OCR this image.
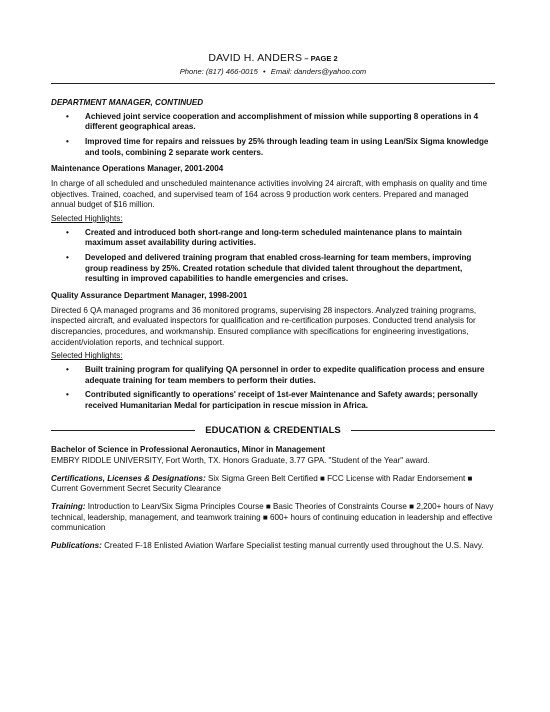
DAVID H. ANDERS – PAGE 2
Phone: (817) 466-0015 • Email: danders@yahoo.com
DEPARTMENT MANAGER, CONTINUED
• Achieved joint service cooperation and accomplishment of mission while supporting 8 operations in 4 different geographical areas.
• Improved time for repairs and reissues by 25% through leading team in using Lean/Six Sigma knowledge and tools, combining 2 separate work centers.
Maintenance Operations Manager, 2001-2004
In charge of all scheduled and unscheduled maintenance activities involving 24 aircraft, with emphasis on quality and time objectives. Trained, coached, and supervised team of 164 across 9 production work centers. Prepared and managed annual budget of $16 million.
Selected Highlights:
• Created and introduced both short-range and long-term scheduled maintenance plans to maintain maximum asset availability during activities.
• Developed and delivered training program that enabled cross-learning for team members, improving group readiness by 25%. Created rotation schedule that divided talent throughout the department, resulting in improved capabilities to handle emergencies and crises.
Quality Assurance Department Manager, 1998-2001
Directed 6 QA managed programs and 36 monitored programs, supervising 28 inspectors. Analyzed training programs, inspected aircraft, and evaluated inspectors for qualification and re-certification purposes. Conducted trend analysis for discrepancies, procedures, and workmanship. Ensured compliance with specifications for engineering investigations, accident/violation reports, and technical support.
Selected Highlights:
• Built training program for qualifying QA personnel in order to expedite qualification process and ensure adequate training for team members to perform their duties.
• Contributed significantly to operations' receipt of 1st-ever Maintenance and Safety awards; personally received Humanitarian Medal for participation in rescue mission in Africa.
EDUCATION & CREDENTIALS
Bachelor of Science in Professional Aeronautics, Minor in Management
EMBRY RIDDLE UNIVERSITY, Fort Worth, TX. Honors Graduate, 3.77 GPA. "Student of the Year" award.
Certifications, Licenses & Designations: Six Sigma Green Belt Certified ■ FCC License with Radar Endorsement ■ Current Government Secret Security Clearance
Training: Introduction to Lean/Six Sigma Principles Course ■ Basic Theories of Constraints Course ■ 2,200+ hours of Navy technical, leadership, management, and teamwork training ■ 600+ hours of continuing education in leadership and effective communication
Publications: Created F-18 Enlisted Aviation Warfare Specialist testing manual currently used throughout the U.S. Navy.
